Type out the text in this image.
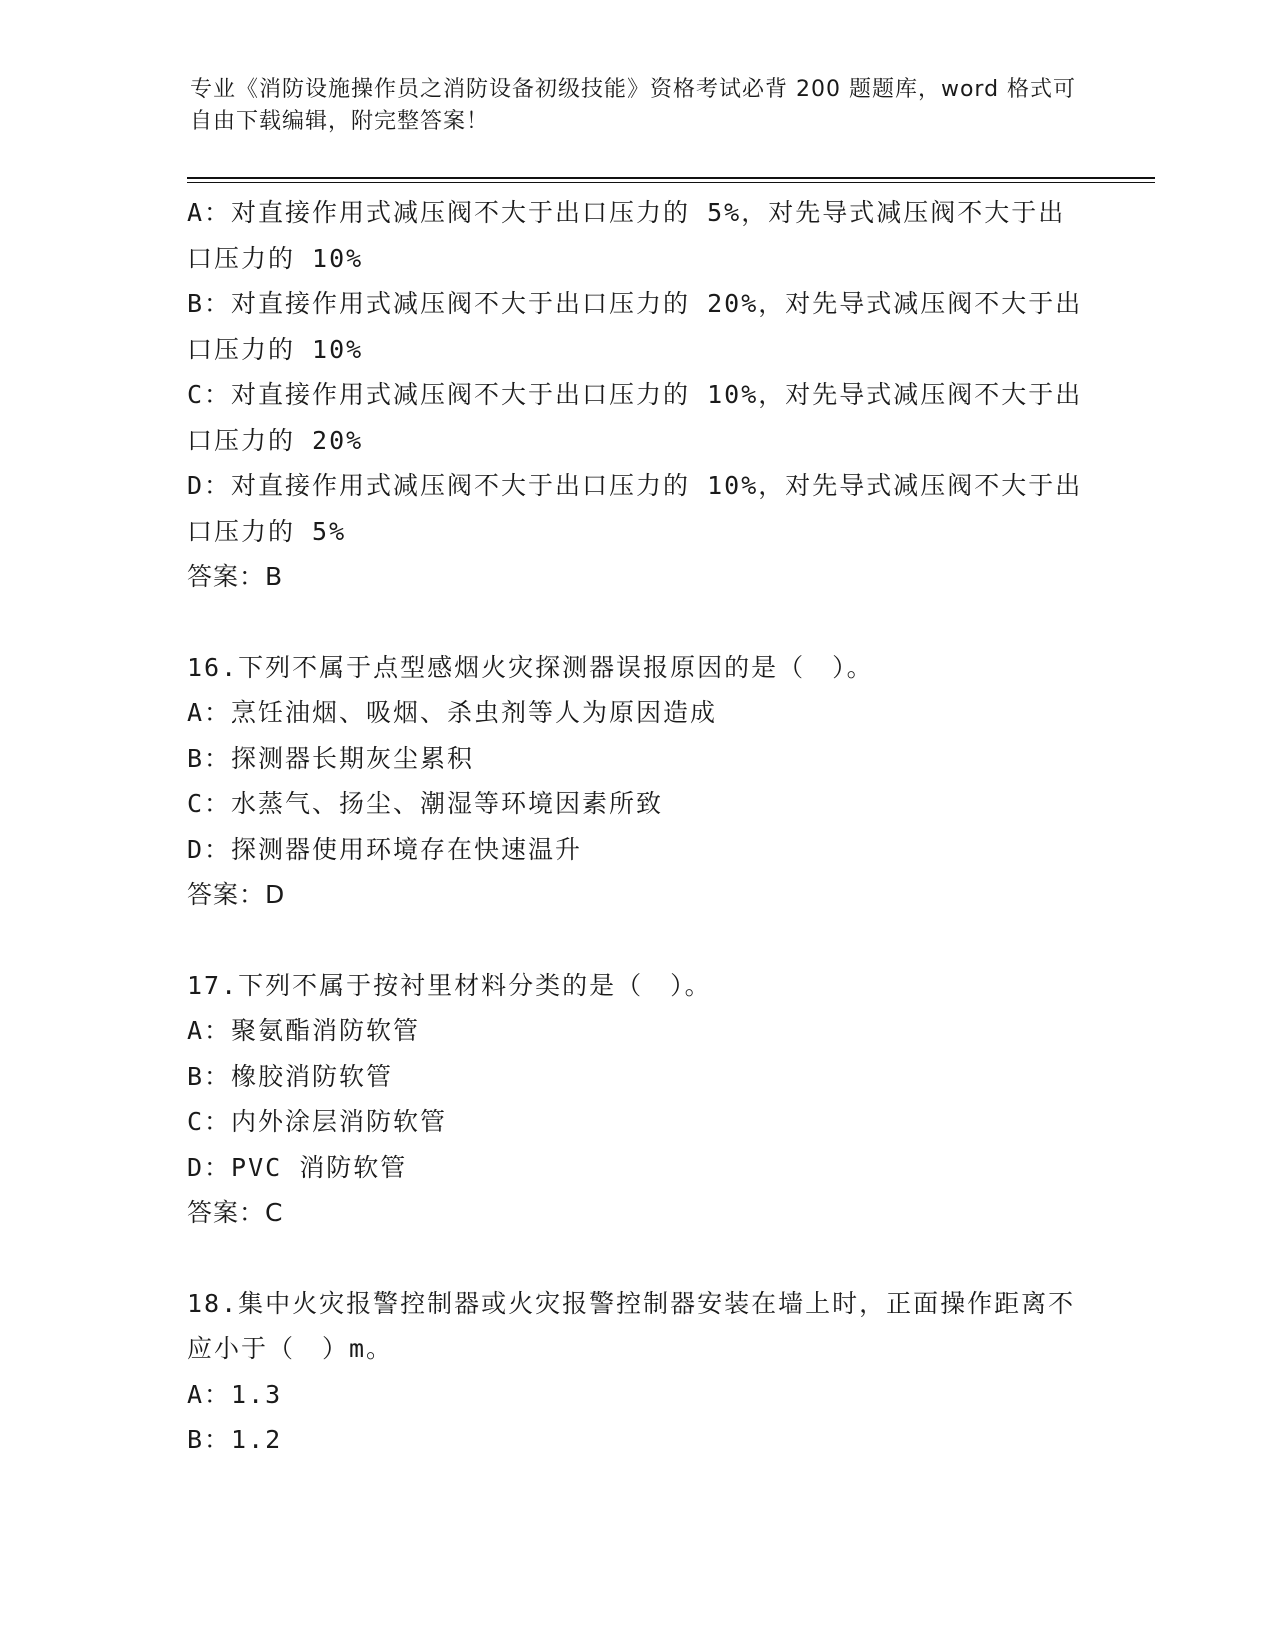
专业《消防设施操作员之消防设备初级技能》资格考试必背 200 题题库，word 格式可自由下载编辑，附完整答案！
A：对直接作用式减压阀不大于出口压力的 5%，对先导式减压阀不大于出口压力的 10%
B：对直接作用式减压阀不大于出口压力的 20%，对先导式减压阀不大于出口压力的 10%
C：对直接作用式减压阀不大于出口压力的 10%，对先导式减压阀不大于出口压力的 20%
D：对直接作用式减压阀不大于出口压力的 10%，对先导式减压阀不大于出口压力的 5%
答案：B
16.下列不属于点型感烟火灾探测器误报原因的是（　）。
A：烹饪油烟、吸烟、杀虫剂等人为原因造成
B：探测器长期灰尘累积
C：水蒸气、扬尘、潮湿等环境因素所致
D：探测器使用环境存在快速温升
答案：D
17.下列不属于按衬里材料分类的是（　）。
A：聚氨酯消防软管
B：橡胶消防软管
C：内外涂层消防软管
D：PVC 消防软管
答案：C
18.集中火灾报警控制器或火灾报警控制器安装在墙上时，正面操作距离不应小于（　）m。
A：1.3
B：1.2
